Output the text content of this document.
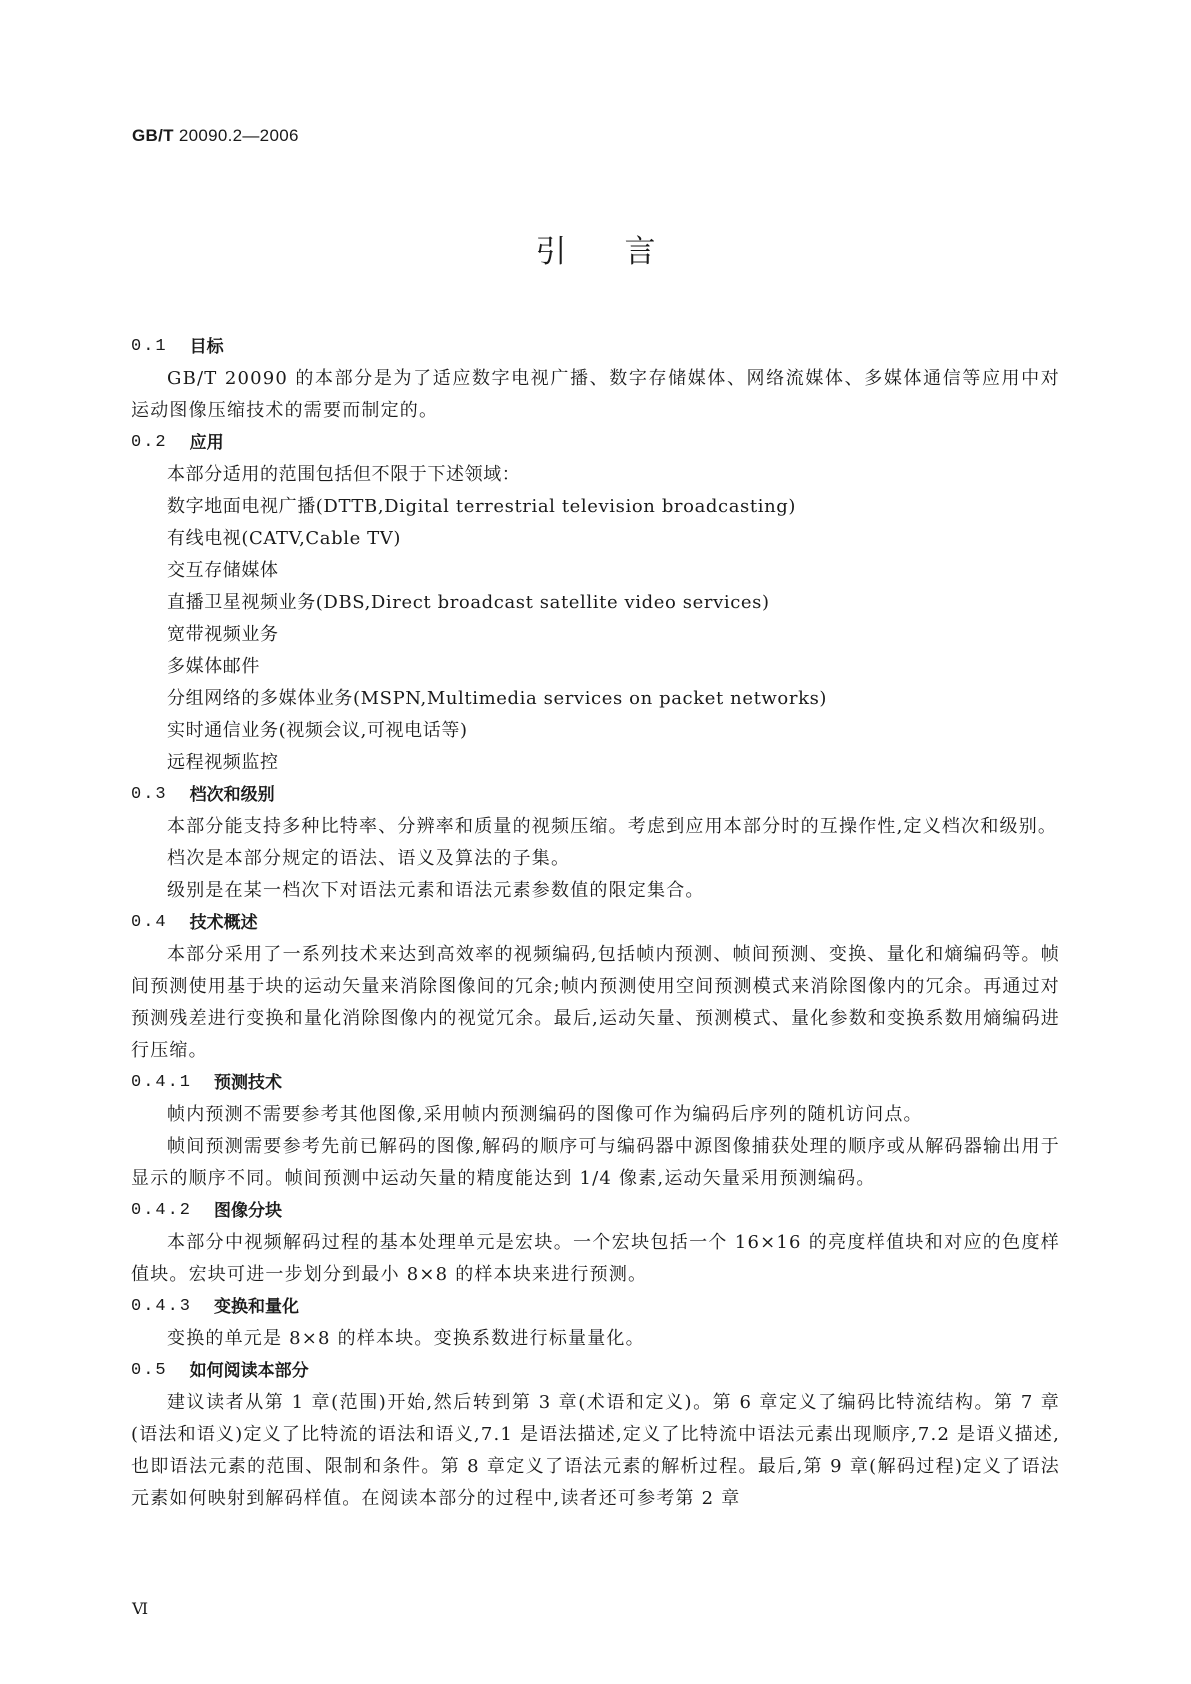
GB/T 20090.2—2006
引言
0.1 目标

GB/T 20090 的本部分是为了适应数字电视广播、数字存储媒体、网络流媒体、多媒体通信等应用中对运动图像压缩技术的需要而制定的。

0.2 应用

本部分适用的范围包括但不限于下述领域：

数字地面电视广播(DTTB,Digital terrestrial television broadcasting)

有线电视(CATV,Cable TV)

交互存储媒体

直播卫星视频业务(DBS,Direct broadcast satellite video services)

宽带视频业务

多媒体邮件

分组网络的多媒体业务(MSPN,Multimedia services on packet networks)

实时通信业务(视频会议,可视电话等)

远程视频监控

0.3 档次和级别

本部分能支持多种比特率、分辨率和质量的视频压缩。考虑到应用本部分时的互操作性,定义档次和级别。

档次是本部分规定的语法、语义及算法的子集。

级别是在某一档次下对语法元素和语法元素参数值的限定集合。

0.4 技术概述

本部分采用了一系列技术来达到高效率的视频编码,包括帧内预测、帧间预测、变换、量化和熵编码等。帧间预测使用基于块的运动矢量来消除图像间的冗余;帧内预测使用空间预测模式来消除图像内的冗余。再通过对预测残差进行变换和量化消除图像内的视觉冗余。最后,运动矢量、预测模式、量化参数和变换系数用熵编码进行压缩。

0.4.1 预测技术

帧内预测不需要参考其他图像,采用帧内预测编码的图像可作为编码后序列的随机访问点。

帧间预测需要参考先前已解码的图像,解码的顺序可与编码器中源图像捕获处理的顺序或从解码器输出用于显示的顺序不同。帧间预测中运动矢量的精度能达到 1/4 像素,运动矢量采用预测编码。

0.4.2 图像分块

本部分中视频解码过程的基本处理单元是宏块。一个宏块包括一个 16×16 的亮度样值块和对应的色度样值块。宏块可进一步划分到最小 8×8 的样本块来进行预测。

0.4.3 变换和量化

变换的单元是 8×8 的样本块。变换系数进行标量量化。

0.5 如何阅读本部分

建议读者从第 1 章(范围)开始,然后转到第 3 章(术语和定义)。第 6 章定义了编码比特流结构。第 7 章(语法和语义)定义了比特流的语法和语义,7.1 是语法描述,定义了比特流中语法元素出现顺序,7.2 是语义描述,也即语法元素的范围、限制和条件。第 8 章定义了语法元素的解析过程。最后,第 9 章(解码过程)定义了语法元素如何映射到解码样值。在阅读本部分的过程中,读者还可参考第 2 章

Ⅵ
